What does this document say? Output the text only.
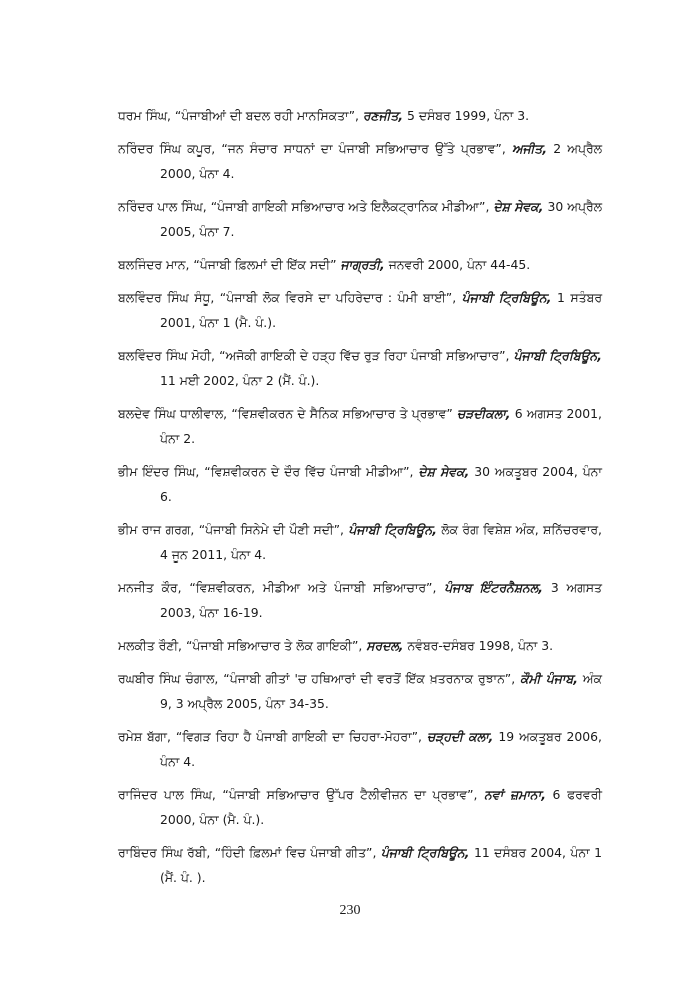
ਧਰਮ ਸਿੰਘ, “ਪੰਜਾਬੀਆਂ ਦੀ ਬਦਲ ਰਹੀ ਮਾਨਸਿਕਤਾ”, ਰਣਜੀਤ, 5 ਦਸੰਬਰ 1999, ਪੰਨਾ 3.

ਨਰਿੰਦਰ ਸਿੰਘ ਕਪੂਰ, “ਜਨ ਸੰਚਾਰ ਸਾਧਨਾਂ ਦਾ ਪੰਜਾਬੀ ਸਭਿਆਚਾਰ ਉੱਤੇ ਪ੍ਰਭਾਵ”, ਅਜੀਤ, 2 ਅਪ੍ਰੈਲ 2000, ਪੰਨਾ 4.

ਨਰਿੰਦਰ ਪਾਲ ਸਿੰਘ, “ਪੰਜਾਬੀ ਗਾਇਕੀ ਸਭਿਆਚਾਰ ਅਤੇ ਇਲੈਕਟ੍ਰਾਨਿਕ ਮੀਡੀਆ”, ਦੇਸ਼ ਸੇਵਕ, 30 ਅਪ੍ਰੈਲ 2005, ਪੰਨਾ 7.

ਬਲਜਿੰਦਰ ਮਾਨ, “ਪੰਜਾਬੀ ਫ਼ਿਲਮਾਂ ਦੀ ਇੱਕ ਸਦੀ” ਜਾਗ੍ਰਤੀ, ਜਨਵਰੀ 2000, ਪੰਨਾ 44-45.

ਬਲਵਿੰਦਰ ਸਿੰਘ ਸੰਧੂ, “ਪੰਜਾਬੀ ਲੋਕ ਵਿਰਸੇ ਦਾ ਪਹਿਰੇਦਾਰ : ਪੰਮੀ ਬਾਈ”, ਪੰਜਾਬੀ ਟ੍ਰਿਬਿਊਨ, 1 ਸਤੰਬਰ 2001, ਪੰਨਾ 1 (ਮੈ. ਪੰ.).

ਬਲਵਿੰਦਰ ਸਿੰਘ ਮੋਹੀ, “ਅਜੋਕੀ ਗਾਇਕੀ ਦੇ ਹੜ੍ਹ ਵਿੱਚ ਰੁੜ ਰਿਹਾ ਪੰਜਾਬੀ ਸਭਿਆਚਾਰ”, ਪੰਜਾਬੀ ਟ੍ਰਿਬਿਊਨ, 11 ਮਈ 2002, ਪੰਨਾ 2 (ਮੈਂ. ਪੰ.).

ਬਲਦੇਵ ਸਿੰਘ ਧਾਲੀਵਾਲ, “ਵਿਸ਼ਵੀਕਰਨ ਦੇ ਸੈਨਿਕ ਸਭਿਆਚਾਰ ਤੇ ਪ੍ਰਭਾਵ” ਚੜਦੀਕਲਾ, 6 ਅਗਸਤ 2001, ਪੰਨਾ 2.

ਭੀਮ ਇੰਦਰ ਸਿੰਘ, “ਵਿਸ਼ਵੀਕਰਨ ਦੇ ਦੌਰ ਵਿੱਚ ਪੰਜਾਬੀ ਮੀਡੀਆ”, ਦੇਸ਼ ਸੇਵਕ, 30 ਅਕਤੂਬਰ 2004, ਪੰਨਾ 6.

ਭੀਮ ਰਾਜ ਗਰਗ, “ਪੰਜਾਬੀ ਸਿਨੇਮੇ ਦੀ ਪੌਣੀ ਸਦੀ”, ਪੰਜਾਬੀ ਟ੍ਰਿਬਿਊਨ, ਲੋਕ ਰੰਗ ਵਿਸ਼ੇਸ਼ ਅੰਕ, ਸ਼ਨਿੱਚਰਵਾਰ, 4 ਜੂਨ 2011, ਪੰਨਾ 4.

ਮਨਜੀਤ ਕੌਰ, “ਵਿਸ਼ਵੀਕਰਨ, ਮੀਡੀਆ ਅਤੇ ਪੰਜਾਬੀ ਸਭਿਆਚਾਰ”, ਪੰਜਾਬ ਇੰਟਰਨੈਸ਼ਨਲ, 3 ਅਗਸਤ 2003, ਪੰਨਾ 16-19.

ਮਲਕੀਤ ਰੌਣੀ, “ਪੰਜਾਬੀ ਸਭਿਆਚਾਰ ਤੇ ਲੋਕ ਗਾਇਕੀ”, ਸਰਦਲ, ਨਵੰਬਰ-ਦਸੰਬਰ 1998, ਪੰਨਾ 3.

ਰਘਬੀਰ ਸਿੰਘ ਚੰਗਾਲ, “ਪੰਜਾਬੀ ਗੀਤਾਂ 'ਚ ਹਥਿਆਰਾਂ ਦੀ ਵਰਤੋਂ ਇੱਕ ਖ਼ਤਰਨਾਕ ਰੁਝਾਨ”, ਕੌਮੀ ਪੰਜਾਬ, ਅੰਕ 9, 3 ਅਪ੍ਰੈਲ 2005, ਪੰਨਾ 34-35.

ਰਮੇਸ਼ ਬੱਗਾ, “ਵਿਗੜ ਰਿਹਾ ਹੈ ਪੰਜਾਬੀ ਗਾਇਕੀ ਦਾ ਚਿਹਰਾ-ਮੋਹਰਾ”, ਚੜ੍ਹਦੀ ਕਲਾ, 19 ਅਕਤੂਬਰ 2006, ਪੰਨਾ 4.

ਰਾਜਿੰਦਰ ਪਾਲ ਸਿੰਘ, “ਪੰਜਾਬੀ ਸਭਿਆਚਾਰ ਉੱਪਰ ਟੈਲੀਵੀਜ਼ਨ ਦਾ ਪ੍ਰਭਾਵ”, ਨਵਾਂ ਜ਼ਮਾਨਾ, 6 ਫਰਵਰੀ 2000, ਪੰਨਾ (ਮੈ. ਪੰ.).

ਰਾਬਿੰਦਰ ਸਿੰਘ ਰੱਬੀ, “ਹਿੰਦੀ ਫ਼ਿਲਮਾਂ ਵਿਚ ਪੰਜਾਬੀ ਗੀਤ”, ਪੰਜਾਬੀ ਟ੍ਰਿਬਿਊਨ, 11 ਦਸੰਬਰ 2004, ਪੰਨਾ 1 (ਮੈਂ. ਪੰ. ).

230
